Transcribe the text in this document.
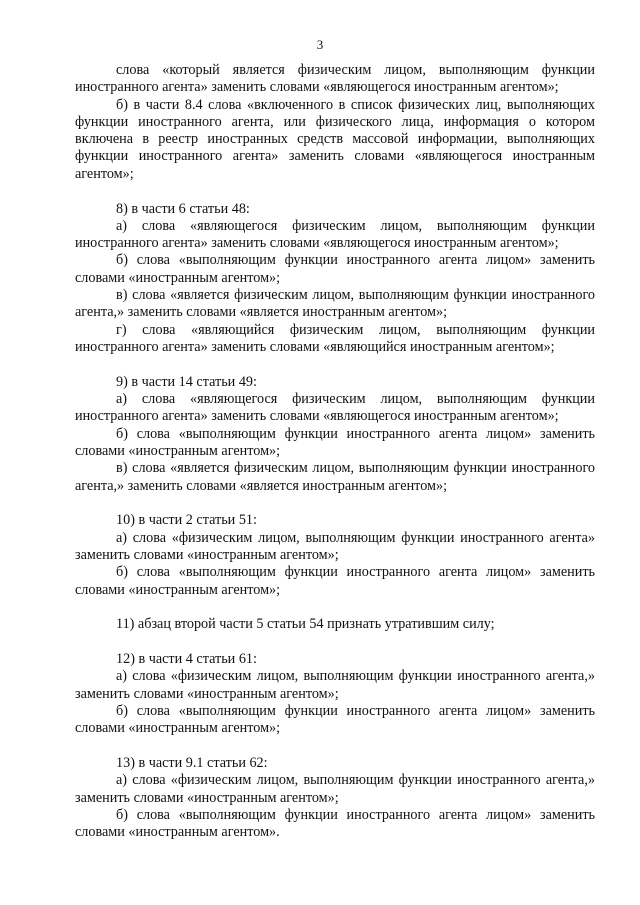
3

слова «который является физическим лицом, выполняющим функции иностранного агента» заменить словами «являющегося иностранным агентом»;

б) в части 8.4 слова «включенного в список физических лиц, выполняющих функции иностранного агента, или физического лица, информация о котором включена в реестр иностранных средств массовой информации, выполняющих функции иностранного агента» заменить словами «являющегося иностранным агентом»;

8) в части 6 статьи 48:

а) слова «являющегося физическим лицом, выполняющим функции иностранного агента» заменить словами «являющегося иностранным агентом»;

б) слова «выполняющим функции иностранного агента лицом» заменить словами «иностранным агентом»;

в) слова «является физическим лицом, выполняющим функции иностранного агента,» заменить словами «является иностранным агентом»;

г) слова «являющийся физическим лицом, выполняющим функции иностранного агента» заменить словами «являющийся иностранным агентом»;

9) в части 14 статьи 49:

а) слова «являющегося физическим лицом, выполняющим функции иностранного агента» заменить словами «являющегося иностранным агентом»;

б) слова «выполняющим функции иностранного агента лицом» заменить словами «иностранным агентом»;

в) слова «является физическим лицом, выполняющим функции иностранного агента,» заменить словами «является иностранным агентом»;

10) в части 2 статьи 51:

а) слова «физическим лицом, выполняющим функции иностранного агента» заменить словами «иностранным агентом»;

б) слова «выполняющим функции иностранного агента лицом» заменить словами «иностранным агентом»;

11) абзац второй части 5 статьи 54 признать утратившим силу;

12) в части 4 статьи 61:

а) слова «физическим лицом, выполняющим функции иностранного агента,» заменить словами «иностранным агентом»;

б) слова «выполняющим функции иностранного агента лицом» заменить словами «иностранным агентом»;

13) в части 9.1 статьи 62:

а) слова «физическим лицом, выполняющим функции иностранного агента,» заменить словами «иностранным агентом»;

б) слова «выполняющим функции иностранного агента лицом» заменить словами «иностранным агентом».
